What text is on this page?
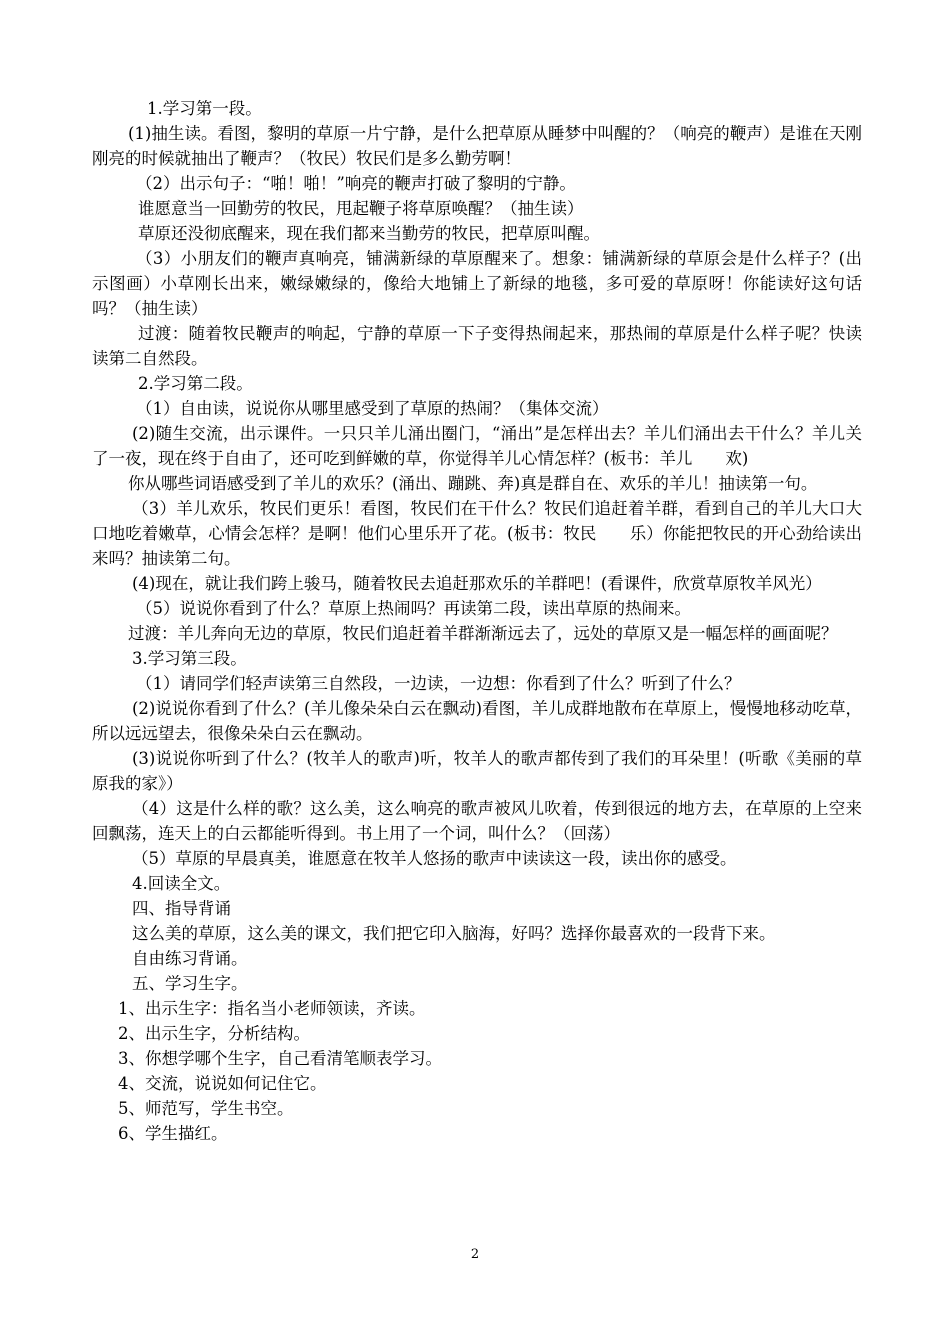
1.学习第一段。

(1)抽生读。看图，黎明的草原一片宁静，是什么把草原从睡梦中叫醒的？（响亮的鞭声）是谁在天刚刚亮的时候就抽出了鞭声？（牧民）牧民们是多么勤劳啊！

（2）出示句子：“啪！啪！”响亮的鞭声打破了黎明的宁静。

谁愿意当一回勤劳的牧民，甩起鞭子将草原唤醒？（抽生读）

草原还没彻底醒来，现在我们都来当勤劳的牧民，把草原叫醒。

（3）小朋友们的鞭声真响亮，铺满新绿的草原醒来了。想象：铺满新绿的草原会是什么样子？(出示图画）小草刚长出来，嫩绿嫩绿的，像给大地铺上了新绿的地毯，多可爱的草原呀！你能读好这句话吗？（抽生读）

过渡：随着牧民鞭声的响起，宁静的草原一下子变得热闹起来，那热闹的草原是什么样子呢？快读读第二自然段。

2.学习第二段。

（1）自由读，说说你从哪里感受到了草原的热闹？（集体交流）

(2)随生交流，出示课件。一只只羊儿涌出圈门，“涌出”是怎样出去？羊儿们涌出去干什么？羊儿关了一夜，现在终于自由了，还可吃到鲜嫩的草，你觉得羊儿心情怎样？(板书：羊儿　　欢)

你从哪些词语感受到了羊儿的欢乐？(涌出、蹦跳、奔)真是群自在、欢乐的羊儿！抽读第一句。

（3）羊儿欢乐，牧民们更乐！看图，牧民们在干什么？牧民们追赶着羊群，看到自己的羊儿大口大口地吃着嫩草，心情会怎样？是啊！他们心里乐开了花。(板书：牧民　　乐）你能把牧民的开心劲给读出来吗？抽读第二句。

(4)现在，就让我们跨上骏马，随着牧民去追赶那欢乐的羊群吧！(看课件，欣赏草原牧羊风光）

（5）说说你看到了什么？草原上热闹吗？再读第二段，读出草原的热闹来。

过渡：羊儿奔向无边的草原，牧民们追赶着羊群渐渐远去了，远处的草原又是一幅怎样的画面呢？

3.学习第三段。

（1）请同学们轻声读第三自然段，一边读，一边想：你看到了什么？听到了什么？

(2)说说你看到了什么？(羊儿像朵朵白云在飘动)看图，羊儿成群地散布在草原上，慢慢地移动吃草，所以远远望去，很像朵朵白云在飘动。

(3)说说你听到了什么？(牧羊人的歌声)听，牧羊人的歌声都传到了我们的耳朵里！(听歌《美丽的草原我的家》）

（4）这是什么样的歌？这么美，这么响亮的歌声被风儿吹着，传到很远的地方去，在草原的上空来回飘荡，连天上的白云都能听得到。书上用了一个词，叫什么？（回荡）

（5）草原的早晨真美，谁愿意在牧羊人悠扬的歌声中读读这一段，读出你的感受。

4.回读全文。

四、指导背诵

这么美的草原，这么美的课文，我们把它印入脑海，好吗？选择你最喜欢的一段背下来。

自由练习背诵。

五、学习生字。

1、出示生字：指名当小老师领读，齐读。

2、出示生字，分析结构。

3、你想学哪个生字，自己看清笔顺表学习。

4、交流，说说如何记住它。

5、师范写，学生书空。

6、学生描红。

2
